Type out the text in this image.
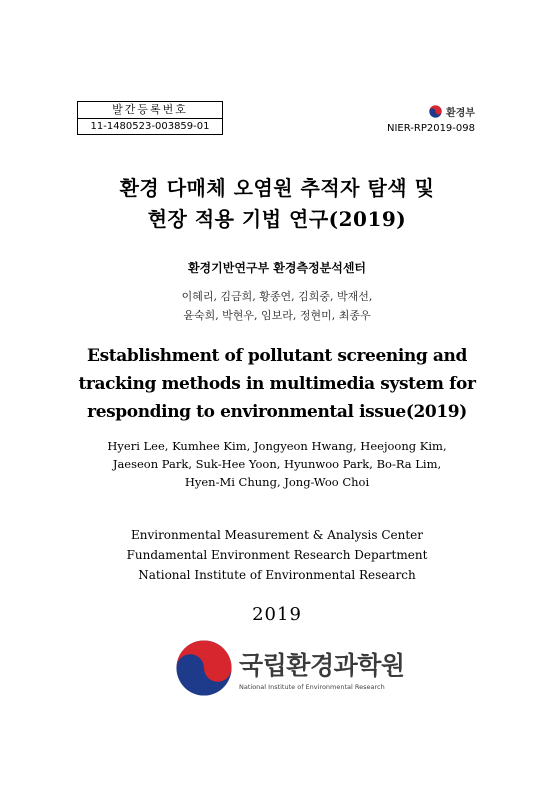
발간등록번호
11-1480523-003859-01
환경부
NIER-RP2019-098
환경 다매체 오염원 추적자 탐색 및
현장 적용 기법 연구(2019)
환경기반연구부 환경측정분석센터
이혜리, 김금희, 황종연, 김희중, 박재선,
윤숙희, 박현우, 임보라, 정현미, 최종우
Establishment of pollutant screening and
tracking methods in multimedia system for
responding to environmental issue(2019)
Hyeri Lee, Kumhee Kim, Jongyeon Hwang, Heejoong Kim,
Jaeseon Park, Suk-Hee Yoon, Hyunwoo Park, Bo-Ra Lim,
Hyen-Mi Chung, Jong-Woo Choi
Environmental Measurement & Analysis Center
Fundamental Environment Research Department
National Institute of Environmental Research
2019
국립환경과학원
National Institute of Environmental Research
